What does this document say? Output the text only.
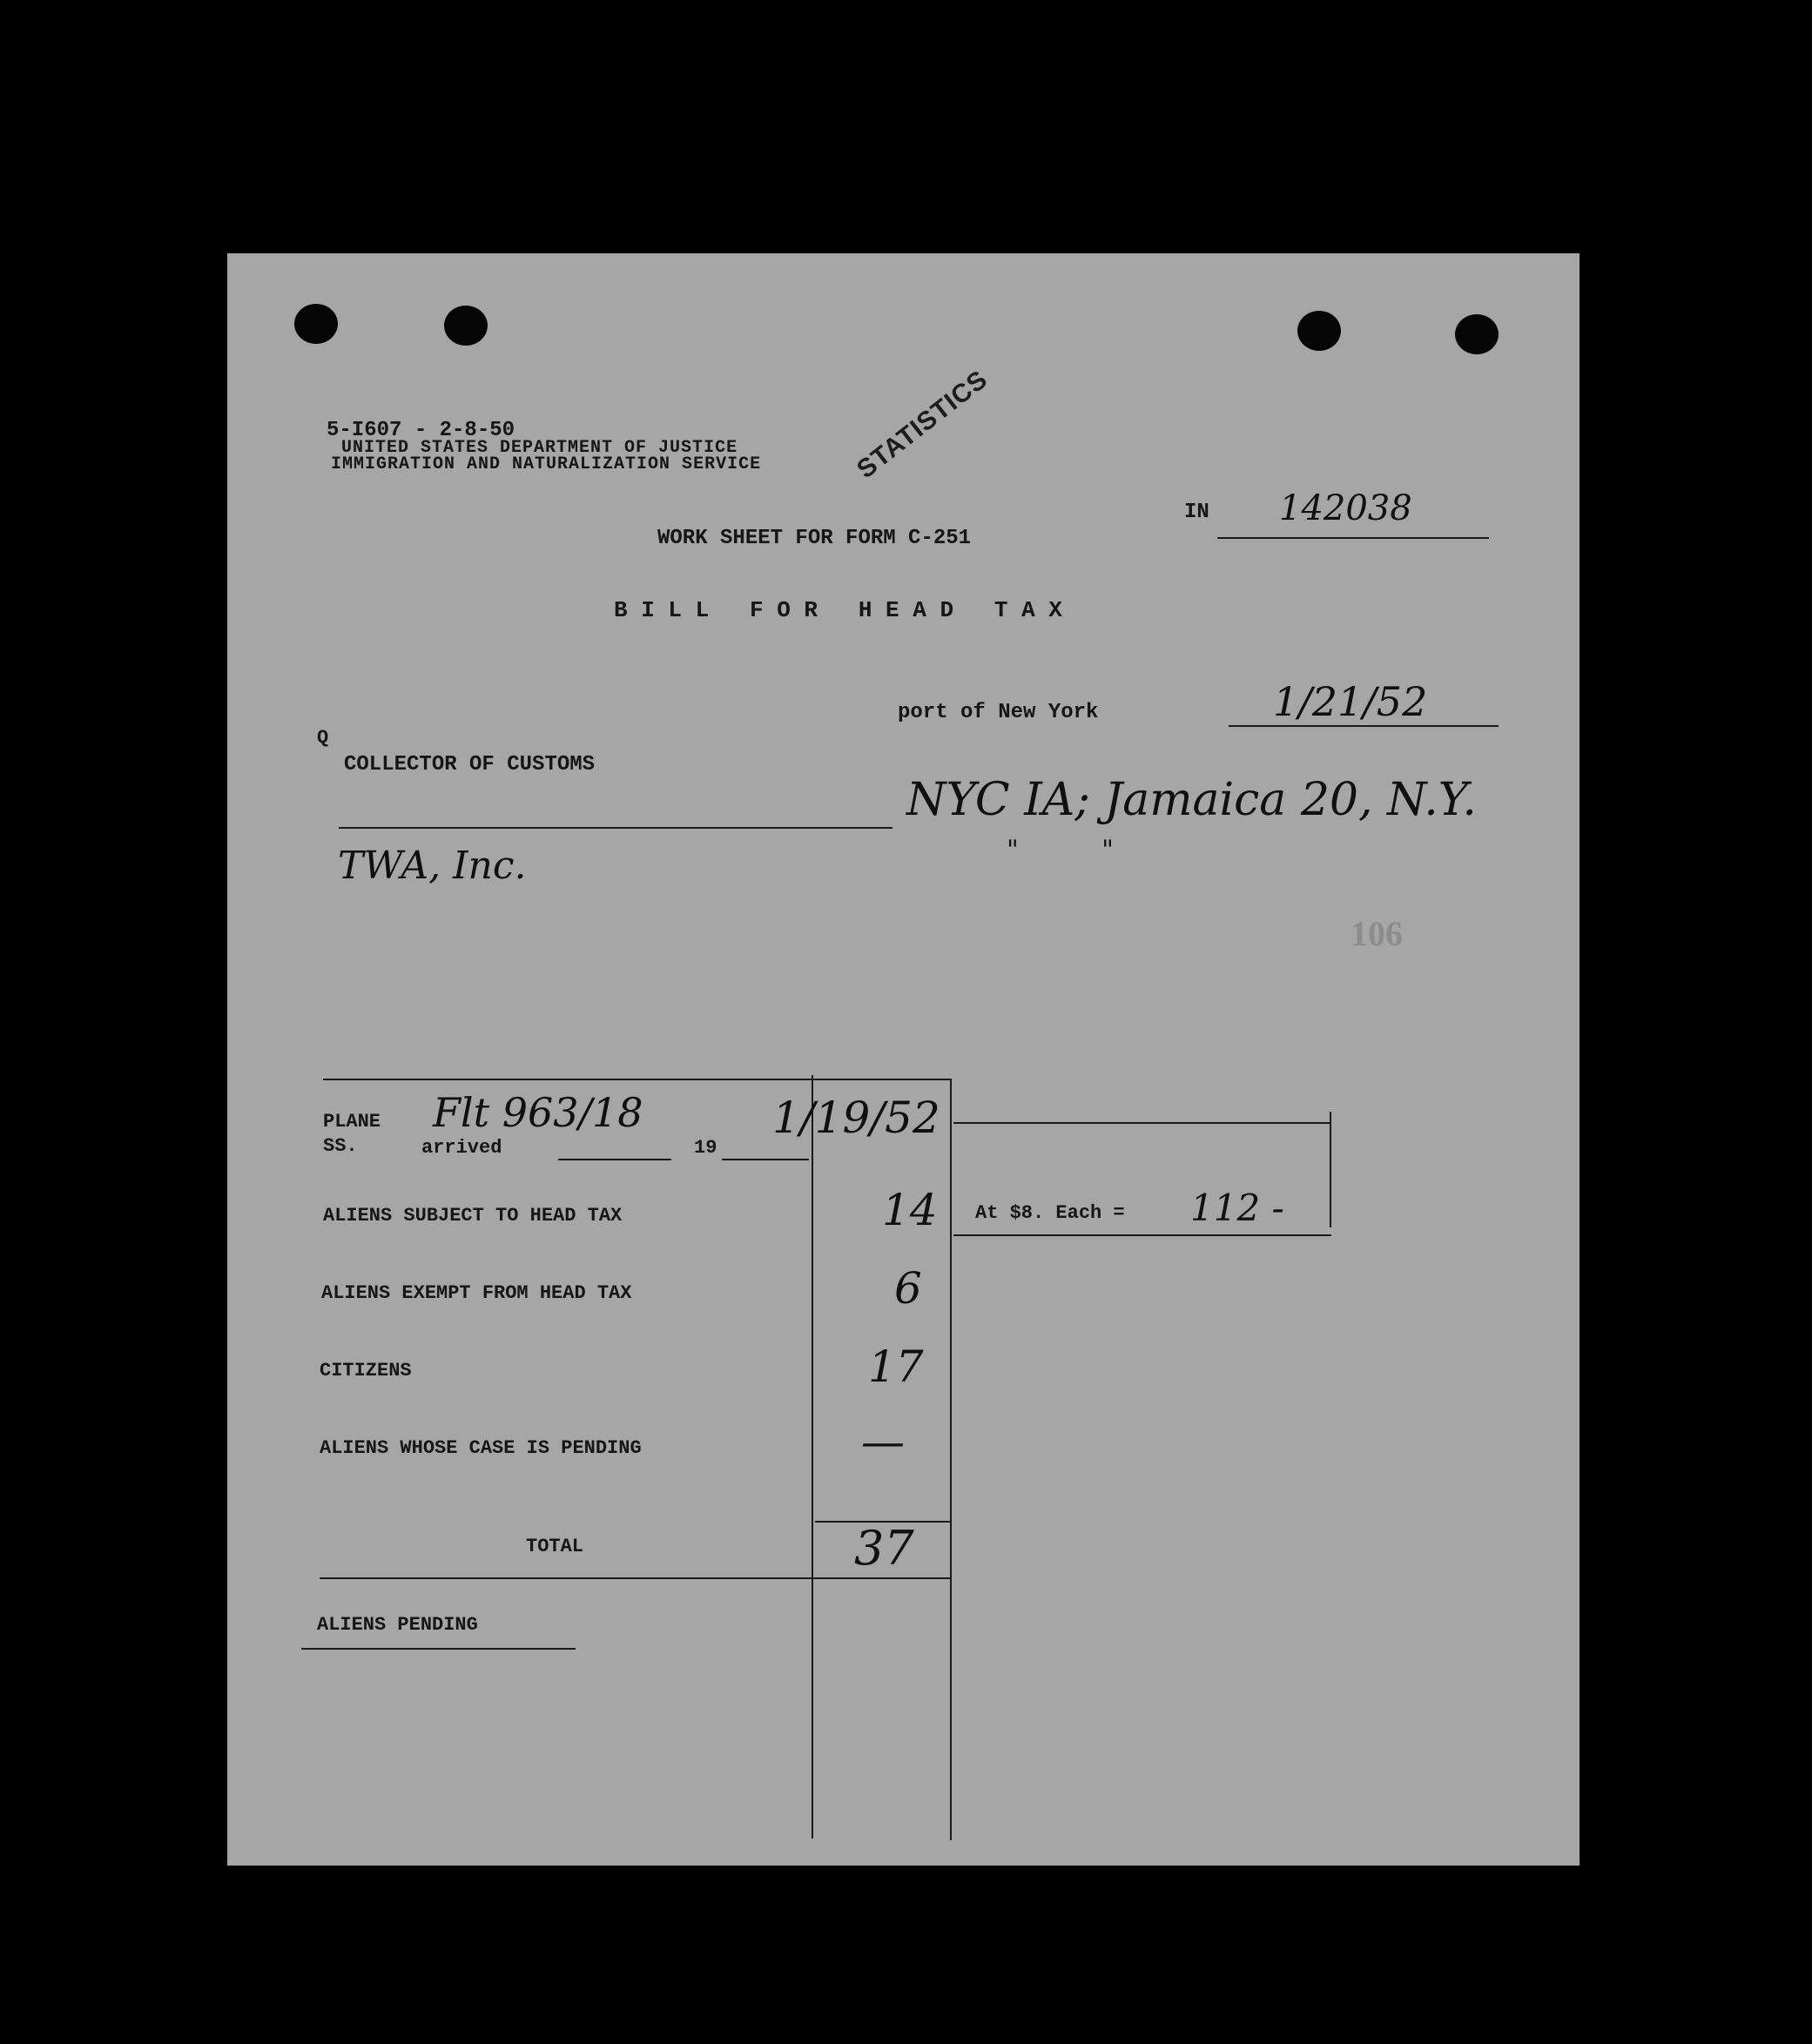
5-I607 - 2-8-50
UNITED STATES DEPARTMENT OF JUSTICE
IMMIGRATION AND NATURALIZATION SERVICE	STATISTICS
IN 142038
WORK SHEET FOR FORM C-251
B I L L   F O R   H E A D   T A X
port of New York	1/21/52
Q
COLLECTOR OF CUSTOMS
NYC IA; Jamaica 20, N.Y.
"          "
TWA, Inc.
106
PLANE
SS.
Flt 963/18
arrived	19
1/19/52
ALIENS SUBJECT TO HEAD TAX	14
ALIENS EXEMPT FROM HEAD TAX	6
CITIZENS	17
ALIENS WHOSE CASE IS PENDING	—
TOTAL	37
At $8. Each = 112 -
ALIENS PENDING
